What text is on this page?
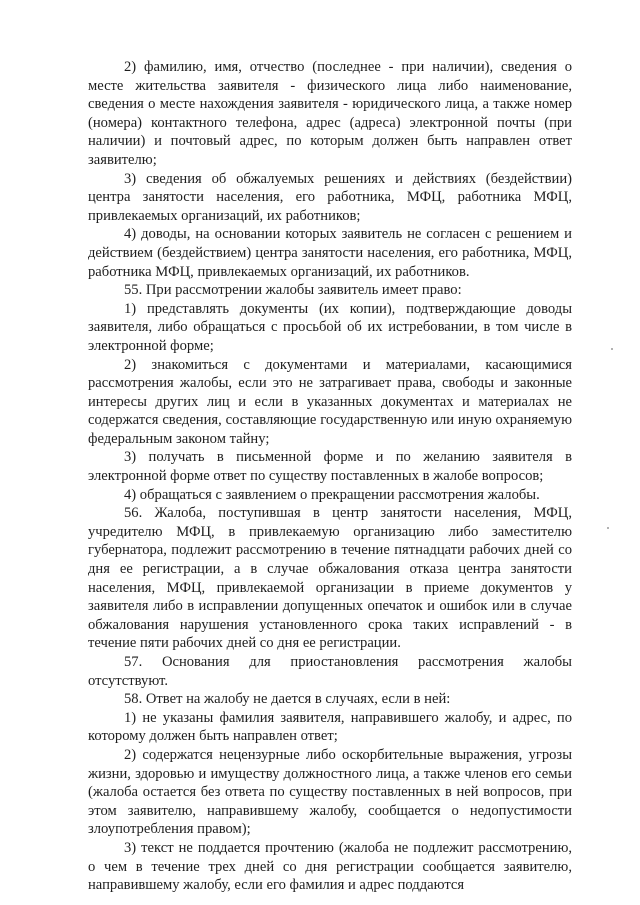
2) фамилию, имя, отчество (последнее - при наличии), сведения о месте жительства заявителя - физического лица либо наименование, сведения о месте нахождения заявителя - юридического лица, а также номер (номера) контактного телефона, адрес (адреса) электронной почты (при наличии) и почтовый адрес, по которым должен быть направлен ответ заявителю;

3) сведения об обжалуемых решениях и действиях (бездействии) центра занятости населения, его работника, МФЦ, работника МФЦ, привлекаемых организаций, их работников;

4) доводы, на основании которых заявитель не согласен с решением и действием (бездействием) центра занятости населения, его работника, МФЦ, работника МФЦ, привлекаемых организаций, их работников.

55. При рассмотрении жалобы заявитель имеет право:

1) представлять документы (их копии), подтверждающие доводы заявителя, либо обращаться с просьбой об их истребовании, в том числе в электронной форме;

2) знакомиться с документами и материалами, касающимися рассмотрения жалобы, если это не затрагивает права, свободы и законные интересы других лиц и если в указанных документах и материалах не содержатся сведения, составляющие государственную или иную охраняемую федеральным законом тайну;

3) получать в письменной форме и по желанию заявителя в электронной форме ответ по существу поставленных в жалобе вопросов;

4) обращаться с заявлением о прекращении рассмотрения жалобы.

56. Жалоба, поступившая в центр занятости населения, МФЦ, учредителю МФЦ, в привлекаемую организацию либо заместителю губернатора, подлежит рассмотрению в течение пятнадцати рабочих дней со дня ее регистрации, а в случае обжалования отказа центра занятости населения, МФЦ, привлекаемой организации в приеме документов у заявителя либо в исправлении допущенных опечаток и ошибок или в случае обжалования нарушения установленного срока таких исправлений - в течение пяти рабочих дней со дня ее регистрации.

57. Основания для приостановления рассмотрения жалобы отсутствуют.

58. Ответ на жалобу не дается в случаях, если в ней:

1) не указаны фамилия заявителя, направившего жалобу, и адрес, по которому должен быть направлен ответ;

2) содержатся нецензурные либо оскорбительные выражения, угрозы жизни, здоровью и имуществу должностного лица, а также членов его семьи (жалоба остается без ответа по существу поставленных в ней вопросов, при этом заявителю, направившему жалобу, сообщается о недопустимости злоупотребления правом);

3) текст не поддается прочтению (жалоба не подлежит рассмотрению, о чем в течение трех дней со дня регистрации сообщается заявителю, направившему жалобу, если его фамилия и адрес поддаются
